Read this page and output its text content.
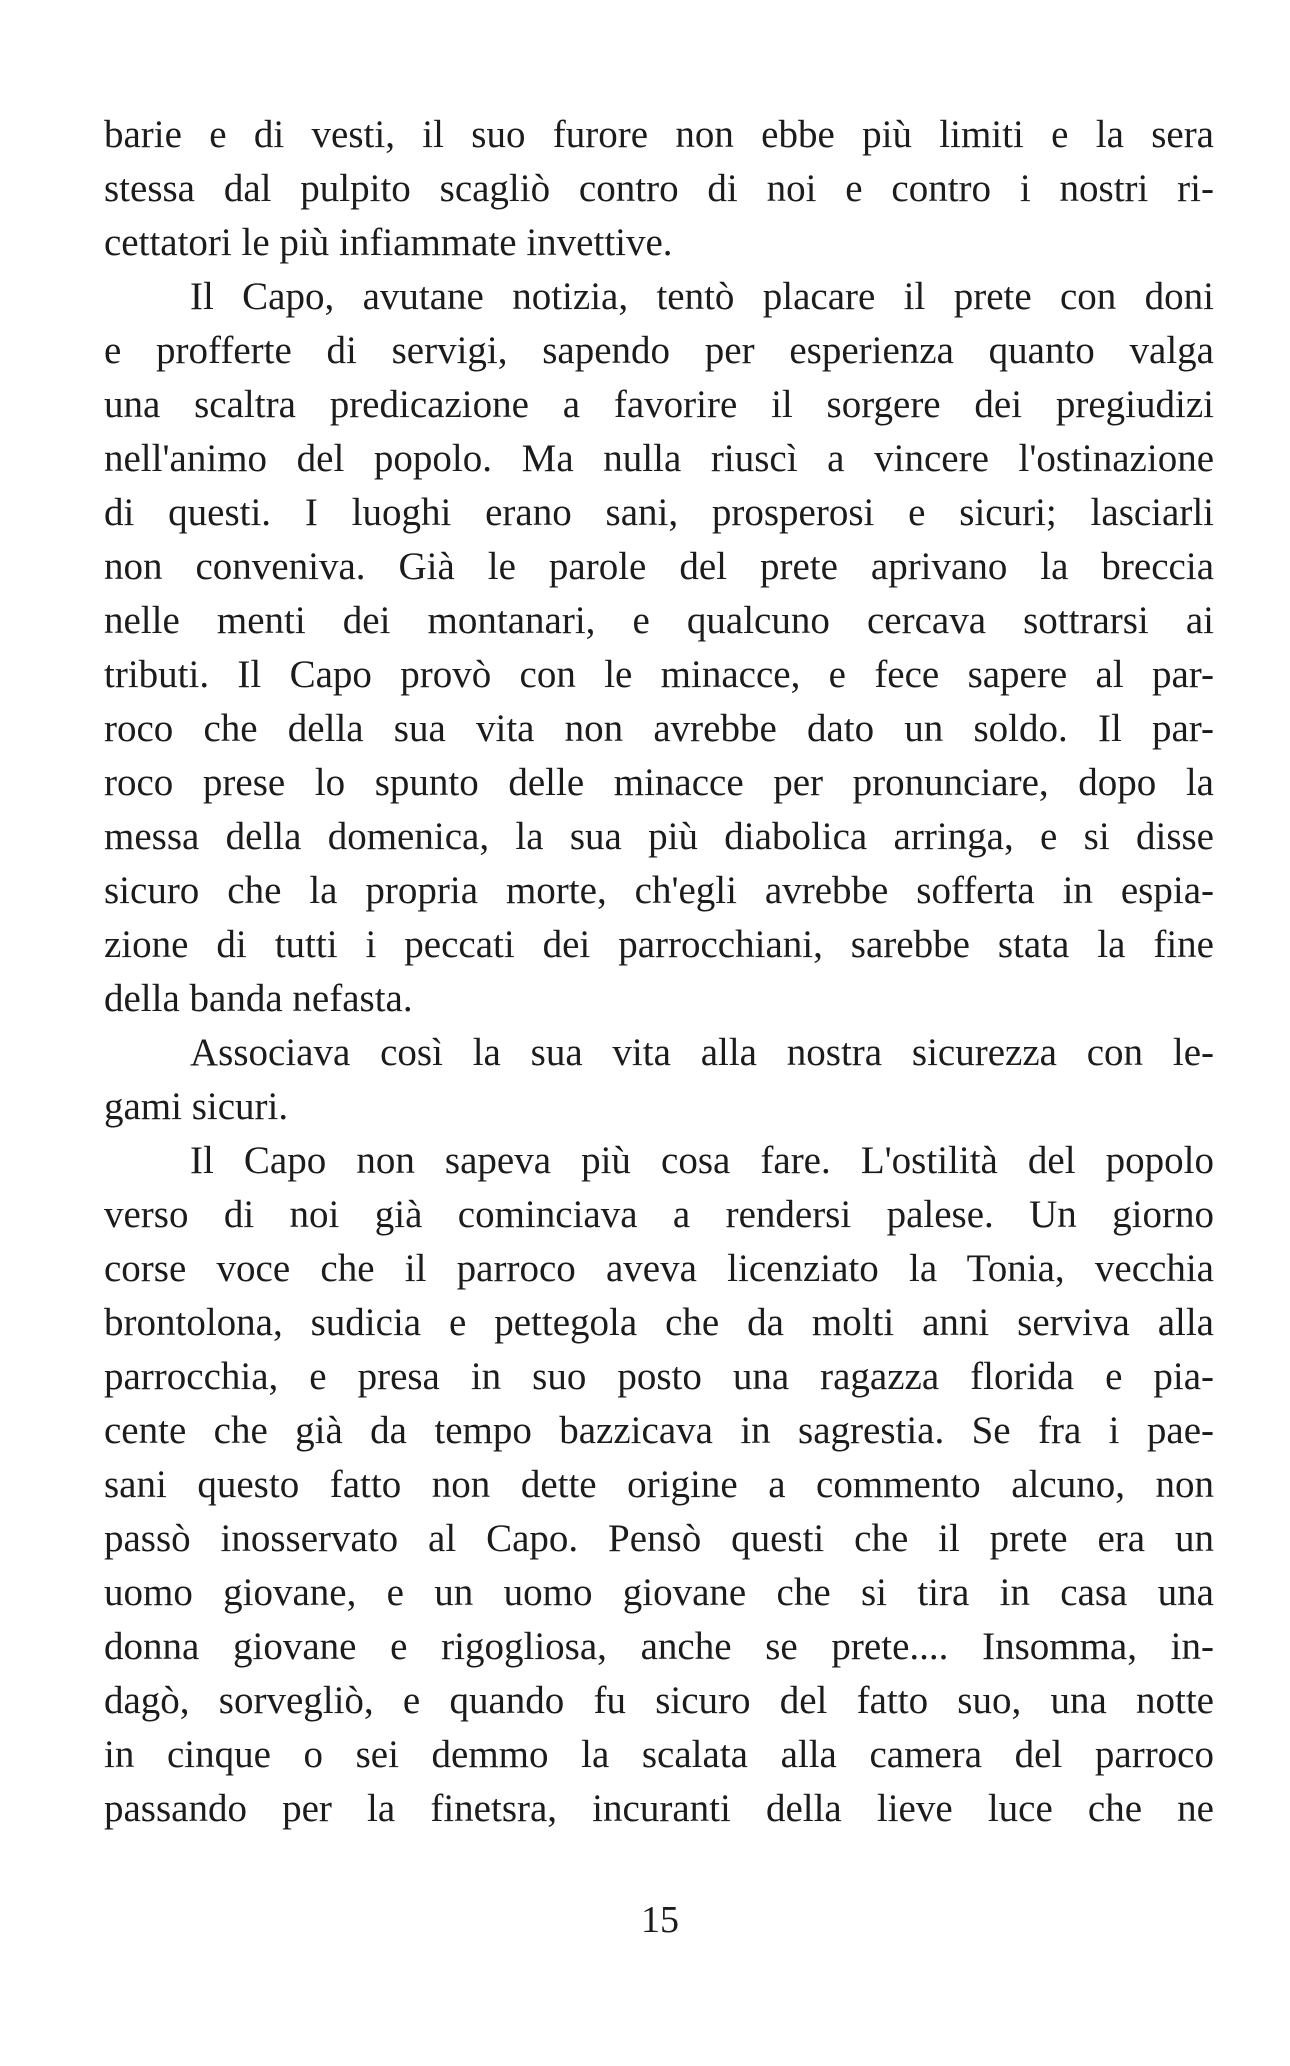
barie e di vesti, il suo furore non ebbe più limiti e la sera
stessa dal pulpito scagliò contro di noi e contro i nostri ri-
cettatori le più infiammate invettive.
Il Capo, avutane notizia, tentò placare il prete con doni
e profferte di servigi, sapendo per esperienza quanto valga
una scaltra predicazione a favorire il sorgere dei pregiudizi
nell'animo del popolo. Ma nulla riuscì a vincere l'ostinazione
di questi. I luoghi erano sani, prosperosi e sicuri; lasciarli
non conveniva. Già le parole del prete aprivano la breccia
nelle menti dei montanari, e qualcuno cercava sottrarsi ai
tributi. Il Capo provò con le minacce, e fece sapere al par-
roco che della sua vita non avrebbe dato un soldo. Il par-
roco prese lo spunto delle minacce per pronunciare, dopo la
messa della domenica, la sua più diabolica arringa, e si disse
sicuro che la propria morte, ch'egli avrebbe sofferta in espia-
zione di tutti i peccati dei parrocchiani, sarebbe stata la fine
della banda nefasta.
Associava così la sua vita alla nostra sicurezza con le-
gami sicuri.
Il Capo non sapeva più cosa fare. L'ostilità del popolo
verso di noi già cominciava a rendersi palese. Un giorno
corse voce che il parroco aveva licenziato la Tonia, vecchia
brontolona, sudicia e pettegola che da molti anni serviva alla
parrocchia, e presa in suo posto una ragazza florida e pia-
cente che già da tempo bazzicava in sagrestia. Se fra i pae-
sani questo fatto non dette origine a commento alcuno, non
passò inosservato al Capo. Pensò questi che il prete era un
uomo giovane, e un uomo giovane che si tira in casa una
donna giovane e rigogliosa, anche se prete.... Insomma, in-
dagò, sorvegliò, e quando fu sicuro del fatto suo, una notte
in cinque o sei demmo la scalata alla camera del parroco
passando per la finetsra, incuranti della lieve luce che ne
15
